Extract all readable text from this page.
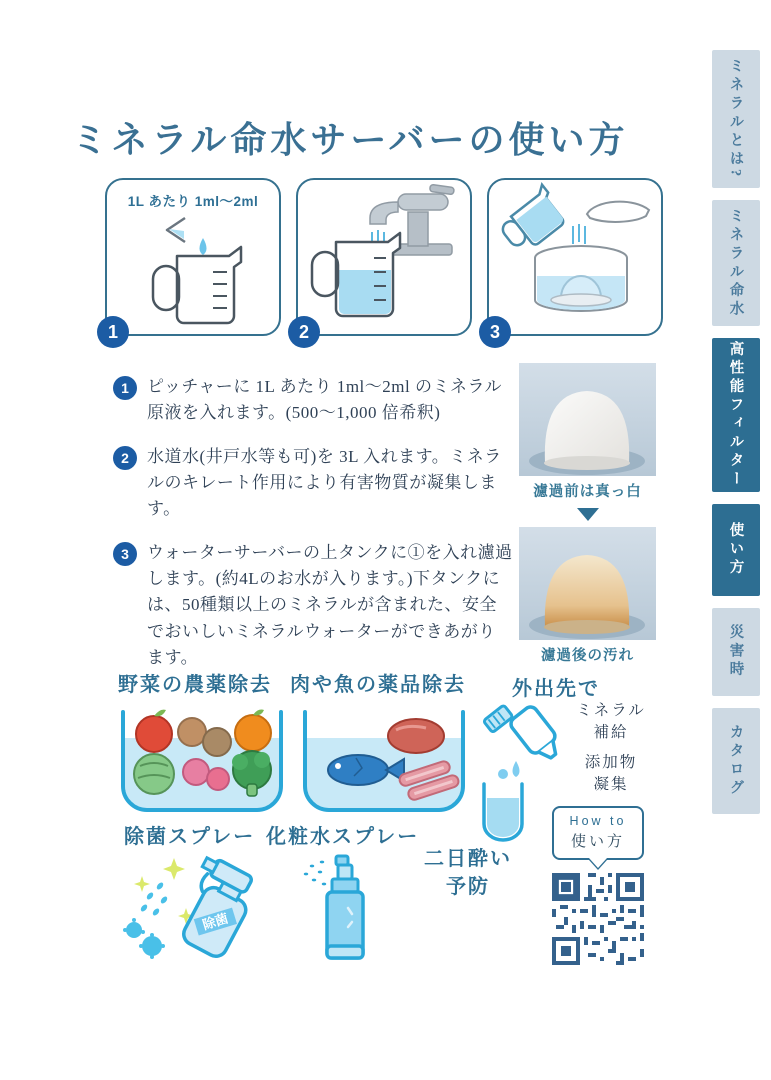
ミネラル命水サーバーの使い方
1L あたり 1ml〜2ml
1	2	3
1	ピッチャーに 1L あたり 1ml〜2ml のミネラル原液を入れます。(500〜1,000 倍希釈)
2	水道水(井戸水等も可)を 3L 入れます。ミネラルのキレート作用により有害物質が凝集します。
3	ウォーターサーバーの上タンクに①を入れ濾過します。(約4Lのお水が入ります。)下タンクには、50種類以上のミネラルが含まれた、安全でおいしいミネラルウォーターができあがります。
濾過前は真っ白
濾過後の汚れ
野菜の農薬除去 肉や魚の薬品除去 外出先で
ミネラル
補給
添加物
凝集
除菌スプレー 化粧水スプレー
二日酔い
予防
除菌
How to
使い方
ミネラルとは?
ミネラル命水
高性能フィルター
使い方
災害時
カタログ
